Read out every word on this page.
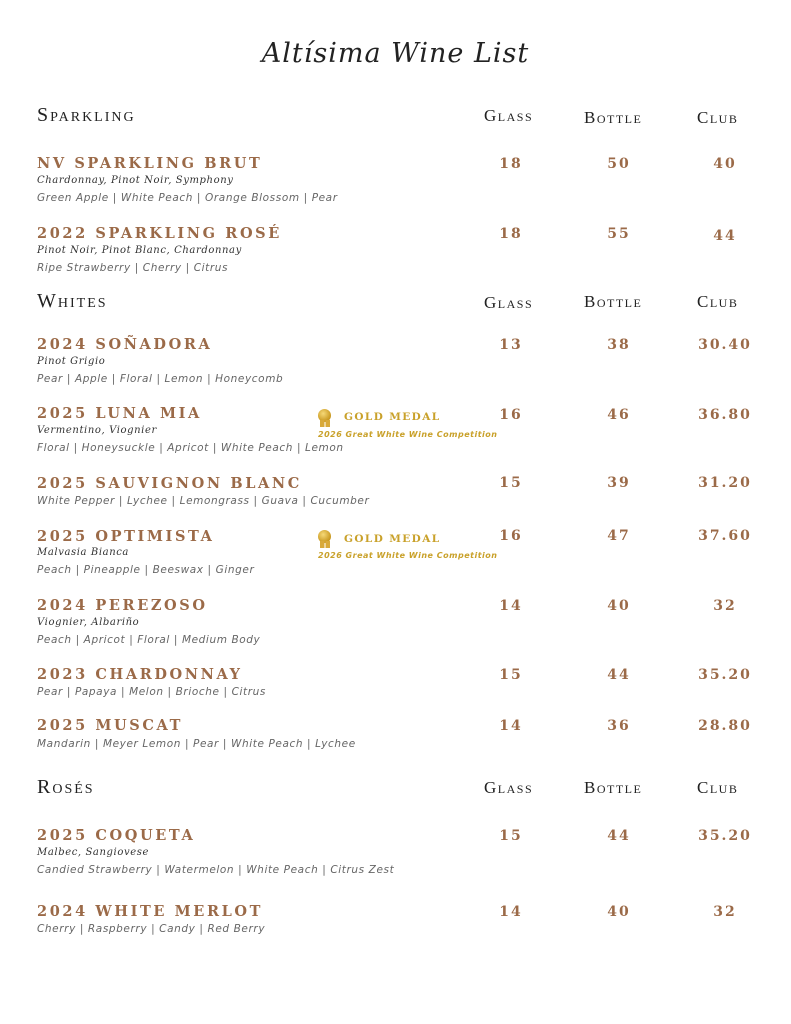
Altísima Wine List
Sparkling	Glass	Bottle	Club
NV SPARKLING BRUT
Chardonnay, Pinot Noir, Symphony
Green Apple | White Peach | Orange Blossom | Pear
18	50	40
2022 SPARKLING ROSÉ
Pinot Noir, Pinot Blanc, Chardonnay
Ripe Strawberry | Cherry | Citrus
18	55	44
Whites	Glass	Bottle	Club
2024 SOÑADORA
Pinot Grigio
Pear | Apple | Floral | Lemon | Honeycomb
13	38	30.40
2025 LUNA MIA
Vermentino, Viognier
Floral | Honeysuckle | Apricot | White Peach | Lemon
GOLD MEDAL
2026 Great White Wine Competition
16	46	36.80
2025 SAUVIGNON BLANC
White Pepper | Lychee | Lemongrass | Guava | Cucumber
15	39	31.20
2025 OPTIMISTA
Malvasia Bianca
Peach | Pineapple | Beeswax | Ginger
GOLD MEDAL
2026 Great White Wine Competition
16	47	37.60
2024 PEREZOSO
Viognier, Albariño
Peach | Apricot | Floral | Medium Body
14	40	32
2023 CHARDONNAY
Pear | Papaya | Melon | Brioche | Citrus
15	44	35.20
2025 MUSCAT
Mandarin | Meyer Lemon | Pear | White Peach | Lychee
14	36	28.80
Rosés	Glass	Bottle	Club
2025 COQUETA
Malbec, Sangiovese
Candied Strawberry | Watermelon | White Peach | Citrus Zest
15	44	35.20
2024 WHITE MERLOT
Cherry | Raspberry | Candy | Red Berry
14	40	32
